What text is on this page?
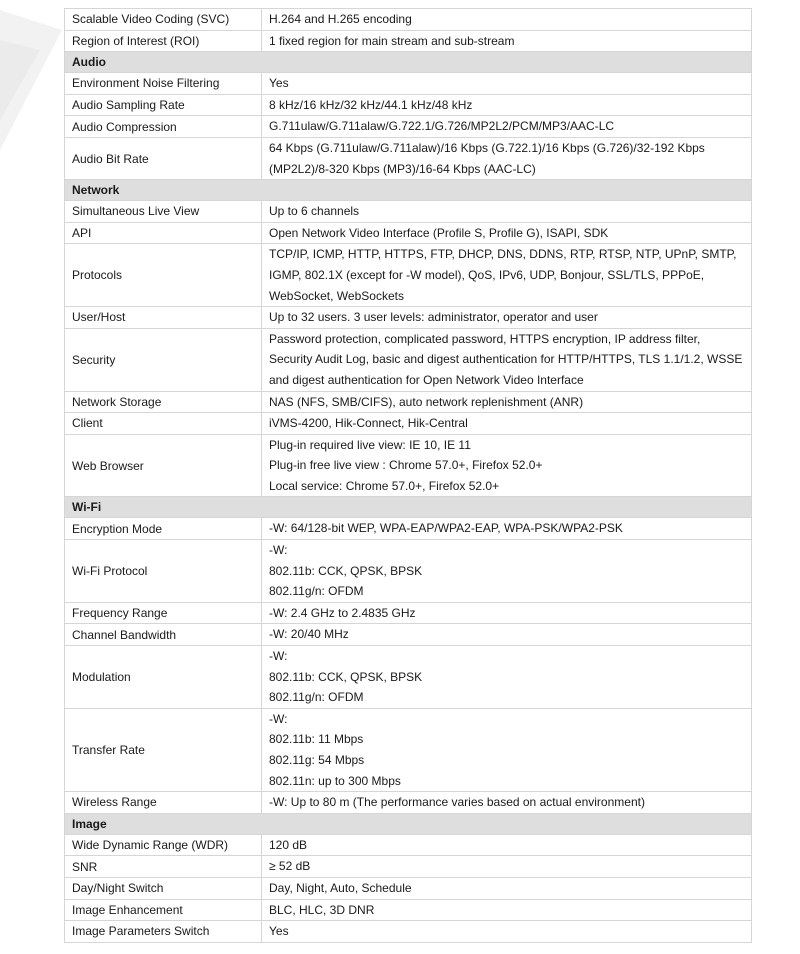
Scalable Video Coding (SVC)	H.264 and H.265 encoding

Region of Interest (ROI)	1 fixed region for main stream and sub-stream

Audio	
Environment Noise Filtering	Yes

Audio Sampling Rate	8 kHz/16 kHz/32 kHz/44.1 kHz/48 kHz

Audio Compression	G.711ulaw/G.711alaw/G.722.1/G.726/MP2L2/PCM/MP3/AAC-LC

Audio Bit Rate	64 Kbps (G.711ulaw/G.711alaw)/16 Kbps (G.722.1)/16 Kbps (G.726)/32-192 Kbps
(MP2L2)/8-320 Kbps (MP3)/16-64 Kbps (AAC-LC)

Network	
Simultaneous Live View	Up to 6 channels

API	Open Network Video Interface (Profile S, Profile G), ISAPI, SDK

Protocols	TCP/IP, ICMP, HTTP, HTTPS, FTP, DHCP, DNS, DDNS, RTP, RTSP, NTP, UPnP, SMTP,
IGMP, 802.1X (except for -W model), QoS, IPv6, UDP, Bonjour, SSL/TLS, PPPoE,
WebSocket, WebSockets

User/Host	Up to 32 users. 3 user levels: administrator, operator and user

Security	Password protection, complicated password, HTTPS encryption, IP address filter,
Security Audit Log, basic and digest authentication for HTTP/HTTPS, TLS 1.1/1.2, WSSE
and digest authentication for Open Network Video Interface

Network Storage	NAS (NFS, SMB/CIFS), auto network replenishment (ANR)

Client	iVMS-4200, Hik-Connect, Hik-Central

Web Browser	Plug-in required live view: IE 10, IE 11
Plug-in free live view : Chrome 57.0+, Firefox 52.0+
Local service: Chrome 57.0+, Firefox 52.0+

Wi-Fi	
Encryption Mode	-W: 64/128-bit WEP, WPA-EAP/WPA2-EAP, WPA-PSK/WPA2-PSK

Wi-Fi Protocol	-W:
802.11b: CCK, QPSK, BPSK
802.11g/n: OFDM

Frequency Range	-W: 2.4 GHz to 2.4835 GHz

Channel Bandwidth	-W: 20/40 MHz

Modulation	-W:
802.11b: CCK, QPSK, BPSK
802.11g/n: OFDM

Transfer Rate	-W:
802.11b: 11 Mbps
802.11g: 54 Mbps
802.11n: up to 300 Mbps

Wireless Range	-W: Up to 80 m (The performance varies based on actual environment)

Image	
Wide Dynamic Range (WDR)	120 dB

SNR	≥ 52 dB

Day/Night Switch	Day, Night, Auto, Schedule

Image Enhancement	BLC, HLC, 3D DNR

Image Parameters Switch	Yes
